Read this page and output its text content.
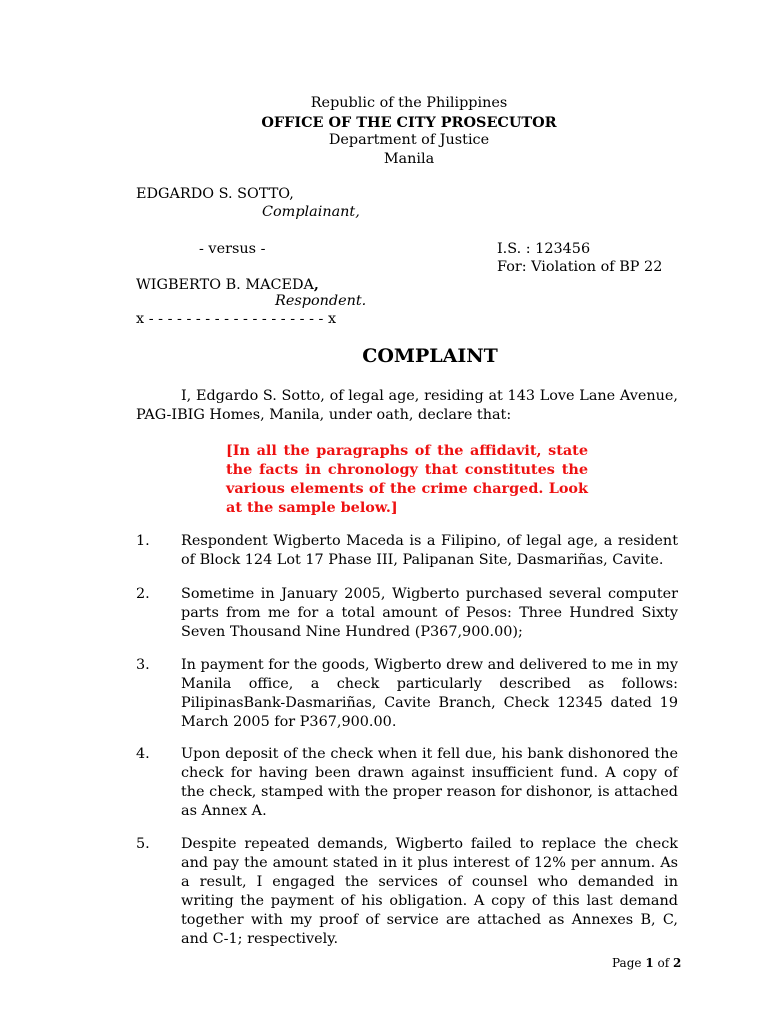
Republic of the Philippines
OFFICE OF THE CITY PROSECUTOR
Department of Justice
Manila
EDGARDO S. SOTTO,
Complainant,
- versus -	I.S. : 123456
For: Violation of BP 22
WIGBERTO B. MACEDA,
Respondent.
x - - - - - - - - - - - - - - - - - - - x
COMPLAINT
I, Edgardo S. Sotto, of legal age, residing at 143 Love Lane Avenue, PAG-IBIG Homes, Manila, under oath, declare that:
[In all the paragraphs of the affidavit, state the facts in chronology that constitutes the various elements of the crime charged. Look at the sample below.]
1. Respondent Wigberto Maceda is a Filipino, of legal age, a resident of Block 124 Lot 17 Phase III, Palipanan Site, Dasmariñas, Cavite.
2. Sometime in January 2005, Wigberto purchased several computer parts from me for a total amount of Pesos: Three Hundred Sixty Seven Thousand Nine Hundred (P367,900.00);
3. In payment for the goods, Wigberto drew and delivered to me in my Manila office, a check particularly described as follows: PilipinasBank-Dasmariñas, Cavite Branch, Check 12345 dated 19 March 2005 for P367,900.00.
4. Upon deposit of the check when it fell due, his bank dishonored the check for having been drawn against insufficient fund. A copy of the check, stamped with the proper reason for dishonor, is attached as Annex A.
5. Despite repeated demands, Wigberto failed to replace the check and pay the amount stated in it plus interest of 12% per annum. As a result, I engaged the services of counsel who demanded in writing the payment of his obligation. A copy of this last demand together with my proof of service are attached as Annexes B, C, and C-1; respectively.
Page 1 of 2
